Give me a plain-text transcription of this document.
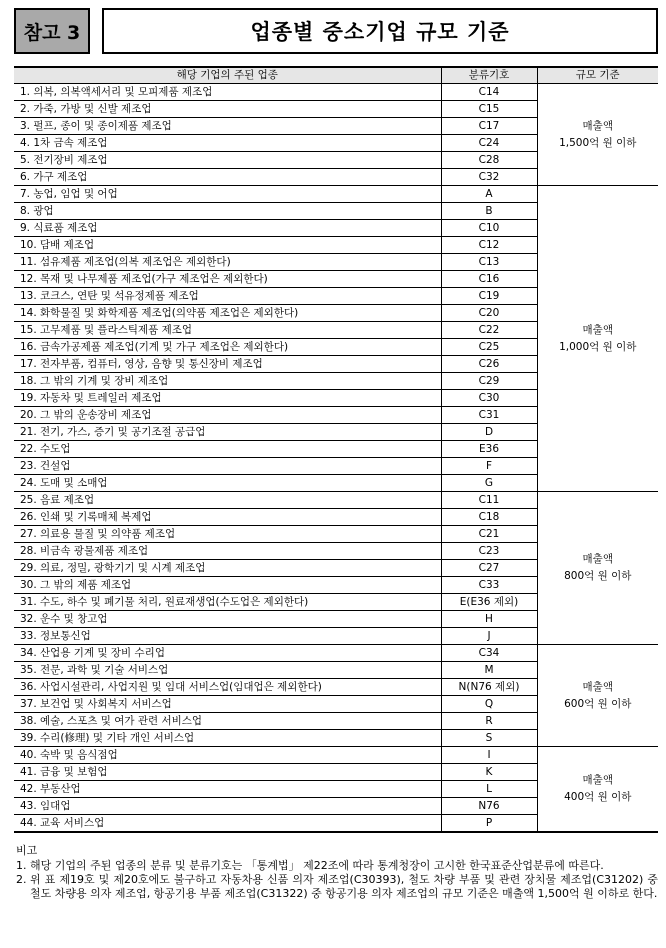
참고 3	업종별 중소기업 규모 기준
해당 기업의 주된 업종	분류기호	규모 기준
1. 의복, 의복액세서리 및 모피제품 제조업	C14	매출액
1,500억 원 이하

2. 가죽, 가방 및 신발 제조업	C15	
3. 펄프, 종이 및 종이제품 제조업	C17	
4. 1차 금속 제조업	C24	
5. 전기장비 제조업	C28	
6. 가구 제조업	C32	
7. 농업, 임업 및 어업	A	매출액
1,000억 원 이하

8. 광업	B	
9. 식료품 제조업	C10	
10. 담배 제조업	C12	
11. 섬유제품 제조업(의복 제조업은 제외한다)	C13	
12. 목재 및 나무제품 제조업(가구 제조업은 제외한다)	C16	
13. 코크스, 연탄 및 석유정제품 제조업	C19	
14. 화학물질 및 화학제품 제조업(의약품 제조업은 제외한다)	C20	
15. 고무제품 및 플라스틱제품 제조업	C22	
16. 금속가공제품 제조업(기계 및 가구 제조업은 제외한다)	C25	
17. 전자부품, 컴퓨터, 영상, 음향 및 통신장비 제조업	C26	
18. 그 밖의 기계 및 장비 제조업	C29	
19. 자동차 및 트레일러 제조업	C30	
20. 그 밖의 운송장비 제조업	C31	
21. 전기, 가스, 증기 및 공기조절 공급업	D	
22. 수도업	E36	
23. 건설업	F	
24. 도매 및 소매업	G	
25. 음료 제조업	C11	매출액
800억 원 이하

26. 인쇄 및 기록매체 복제업	C18	
27. 의료용 물질 및 의약품 제조업	C21	
28. 비금속 광물제품 제조업	C23	
29. 의료, 정밀, 광학기기 및 시계 제조업	C27	
30. 그 밖의 제품 제조업	C33	
31. 수도, 하수 및 폐기물 처리, 원료재생업(수도업은 제외한다)	E(E36 제외)	
32. 운수 및 창고업	H	
33. 정보통신업	J	
34. 산업용 기계 및 장비 수리업	C34	매출액
600억 원 이하

35. 전문, 과학 및 기술 서비스업	M	
36. 사업시설관리, 사업지원 및 임대 서비스업(임대업은 제외한다)	N(N76 제외)	
37. 보건업 및 사회복지 서비스업	Q	
38. 예술, 스포츠 및 여가 관련 서비스업	R	
39. 수리(修理) 및 기타 개인 서비스업	S	
40. 숙박 및 음식점업	I	매출액
400억 원 이하

41. 금융 및 보험업	K	
42. 부동산업	L	
43. 임대업	N76	
44. 교육 서비스업	P	
비고
1. 해당 기업의 주된 업종의 분류 및 분류기호는 「통계법」 제22조에 따라 통계청장이 고시한 한국표준산업분류에 따른다.
2. 위 표 제19호 및 제20호에도 불구하고 자동차용 신품 의자 제조업(C30393), 철도 차량 부품 및 관련 장치물 제조업(C31202) 중 철도 차량용 의자 제조업, 항공기용 부품 제조업(C31322) 중 항공기용 의자 제조업의 규모 기준은 매출액 1,500억 원 이하로 한다.
